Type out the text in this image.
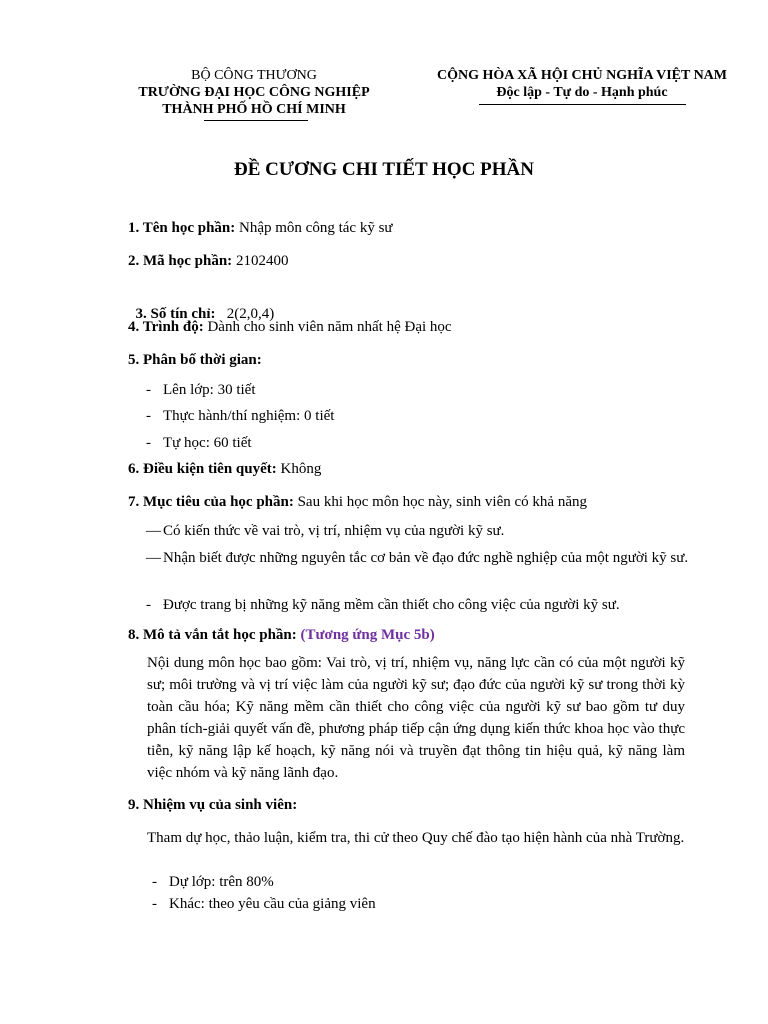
BỘ CÔNG THƯƠNG
TRƯỜNG ĐẠI HỌC CÔNG NGHIỆP
THÀNH PHỐ HỒ CHÍ MINH
CỘNG HÒA XÃ HỘI CHỦ NGHĨA VIỆT NAM
Độc lập - Tự do - Hạnh phúc
ĐỀ CƯƠNG CHI TIẾT HỌC PHẦN
1. Tên học phần: Nhập môn công tác kỹ sư
2. Mã học phần: 2102400

3. Số tín chỉ:   2(2,0,4)

4. Trình độ: Dành cho sinh viên năm nhất hệ Đại học
5. Phân bố thời gian:
- Lên lớp: 30 tiết
- Thực hành/thí nghiệm: 0 tiết
- Tự học: 60 tiết
6. Điều kiện tiên quyết: Không
7. Mục tiêu của học phần: Sau khi học môn học này, sinh viên có khả năng
— Có kiến thức về vai trò, vị trí, nhiệm vụ của người kỹ sư.
— Nhận biết được những nguyên tắc cơ bản về đạo đức nghề nghiệp của một người kỹ sư.
- Được trang bị những kỹ năng mềm cần thiết cho công việc của người kỹ sư.
8. Mô tả vắn tắt học phần: (Tương ứng Mục 5b)
Nội dung môn học bao gồm: Vai trò, vị trí, nhiệm vụ, năng lực cần có của một người kỹ sư; môi trường và vị trí việc làm của người kỹ sư; đạo đức của người kỹ sư trong thời kỳ toàn cầu hóa; Kỹ năng mềm cần thiết cho công việc của người kỹ sư bao gồm tư duy phân tích-giải quyết vấn đề, phương pháp tiếp cận ứng dụng kiến thức khoa học vào thực tiễn, kỹ năng lập kế hoạch, kỹ năng nói và truyền đạt thông tin hiệu quả, kỹ năng làm việc nhóm và kỹ năng lãnh đạo.
9. Nhiệm vụ của sinh viên:
Tham dự học, thảo luận, kiểm tra, thi cử theo Quy chế đào tạo hiện hành của nhà Trường.
- Dự lớp: trên 80%
- Khác: theo yêu cầu của giảng viên
